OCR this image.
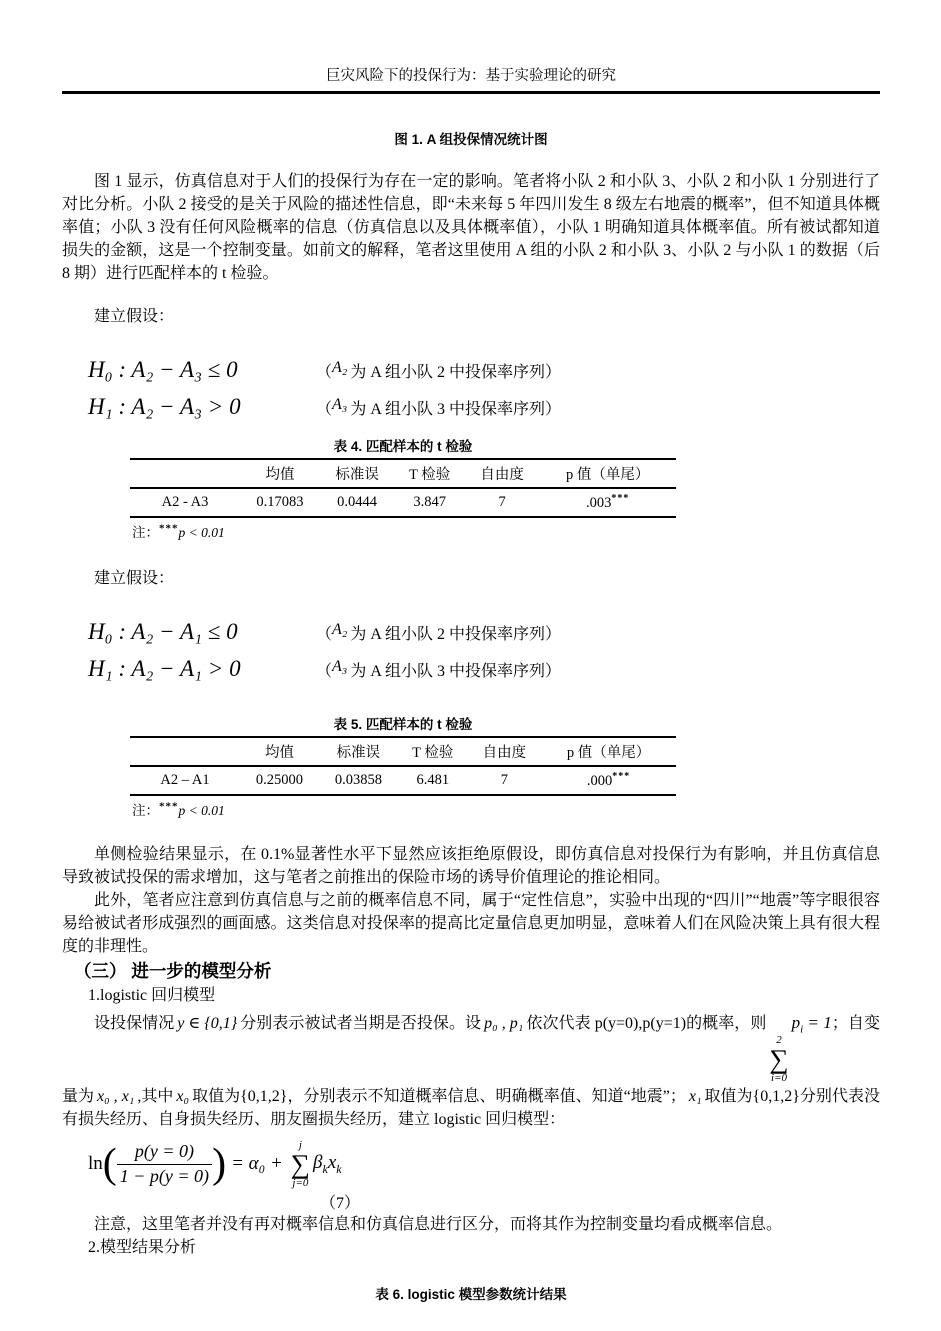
巨灾风险下的投保行为：基于实验理论的研究
图 1. A 组投保情况统计图

图 1 显示，仿真信息对于人们的投保行为存在一定的影响。笔者将小队 2 和小队 3、小队 2 和小队 1 分别进行了对比分析。小队 2 接受的是关于风险的描述性信息，即“未来每 5 年四川发生 8 级左右地震的概率”，但不知道具体概率值；小队 3 没有任何风险概率的信息（仿真信息以及具体概率值），小队 1 明确知道具体概率值。所有被试都知道损失的金额，这是一个控制变量。如前文的解释，笔者这里使用 A 组的小队 2 和小队 3、小队 2 与小队 1 的数据（后 8 期）进行匹配样本的 t 检验。

建立假设：

H₀ : A₂ − A₃ ≤ 0	（A₂ 为 A 组小队 2 中投保率序列）
H₁ : A₂ − A₃ > 0	（A₃ 为 A 组小队 3 中投保率序列）
表 4. 匹配样本的 t 检验
	均值	标准误	T 检验	自由度	p 值（单尾）
A2 - A3	0.17083	0.0444	3.847	7	.003***
注：***p < 0.01

建立假设：

H₀ : A₂ − A₁ ≤ 0	（A₂ 为 A 组小队 2 中投保率序列）
H₁ : A₂ − A₁ > 0	（A₃ 为 A 组小队 3 中投保率序列）
表 5. 匹配样本的 t 检验
	均值	标准误	T 检验	自由度	p 值（单尾）
A2 – A1	0.25000	0.03858	6.481	7	.000***
注：***p < 0.01

单侧检验结果显示，在 0.1%显著性水平下显然应该拒绝原假设，即仿真信息对投保行为有影响，并且仿真信息导致被试投保的需求增加，这与笔者之前推出的保险市场的诱导价值理论的推论相同。

此外，笔者应注意到仿真信息与之前的概率信息不同，属于“定性信息”，实验中出现的“四川”“地震”等字眼很容易给被试者形成强烈的画面感。这类信息对投保率的提高比定量信息更加明显，意味着人们在风险决策上具有很大程度的非理性。

（三） 进一步的模型分析
1.logistic 回归模型

设投保情况 y ∈ {0,1} 分别表示被试者当期是否投保。设 p₀ , p₁ 依次代表 p(y=0),p(y=1)的概率，则
2
∑
i=0
$p_i = 1$；自变量为 x₀ , x₁ ,其中 x₀ 取值为{0,1,2}，分别表示不知道概率信息、明确概率值、知道“地震”； x₁ 取值为{0,1,2}分别代表没有损失经历、自身损失经历、朋友圈损失经历，建立 logistic 回归模型：

ln ( $\frac{p(y = 0)}{1 - p(y = 0)}$ ) = α₀ +
j
∑
j=0
$\beta_kx_k$
（7）

注意，这里笔者并没有再对概率信息和仿真信息进行区分，而将其作为控制变量均看成概率信息。

2.模型结果分析
表 6. logistic 模型参数统计结果
